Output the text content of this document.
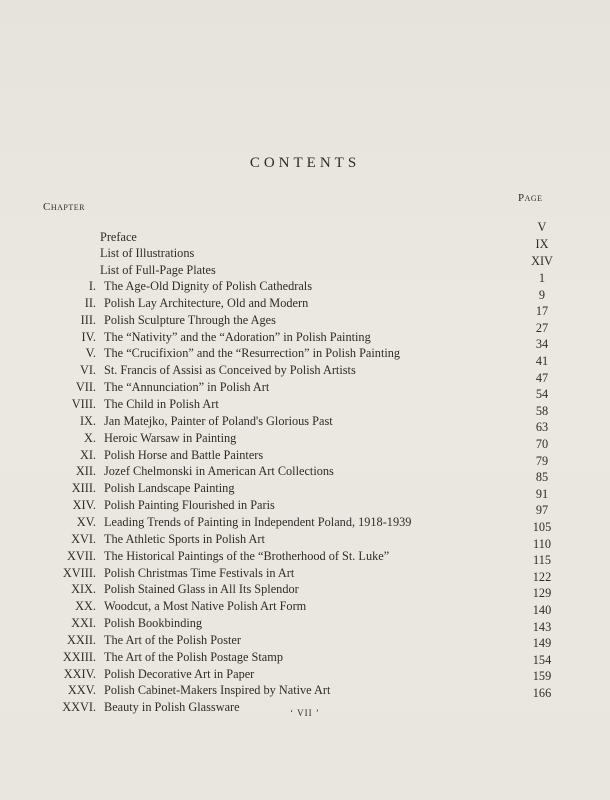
CONTENTS
Chapter
Page
Preface
V
List of Illustrations
IX
List of Full-Page Plates
XIV
I. The Age-Old Dignity of Polish Cathedrals
1
II. Polish Lay Architecture, Old and Modern
9
III. Polish Sculpture Through the Ages
17
IV. The “Nativity” and the “Adoration” in Polish Painting
27
V. The “Crucifixion” and the “Resurrection” in Polish Painting
34
VI. St. Francis of Assisi as Conceived by Polish Artists
41
VII. The “Annunciation” in Polish Art
47
VIII. The Child in Polish Art
54
IX. Jan Matejko, Painter of Poland's Glorious Past
58
X. Heroic Warsaw in Painting
63
XI. Polish Horse and Battle Painters
70
XII. Jozef Chelmonski in American Art Collections
79
XIII. Polish Landscape Painting
85
XIV. Polish Painting Flourished in Paris
91
XV. Leading Trends of Painting in Independent Poland, 1918-1939
97
XVI. The Athletic Sports in Polish Art
105
XVII. The Historical Paintings of the “Brotherhood of St. Luke”
110
XVIII. Polish Christmas Time Festivals in Art
115
XIX. Polish Stained Glass in All Its Splendor
122
XX. Woodcut, a Most Native Polish Art Form
129
XXI. Polish Bookbinding
140
XXII. The Art of the Polish Poster
143
XXIII. The Art of the Polish Postage Stamp
149
XXIV. Polish Decorative Art in Paper
154
XXV. Polish Cabinet-Makers Inspired by Native Art
159
XXVI. Beauty in Polish Glassware
166
‘ VII ’
